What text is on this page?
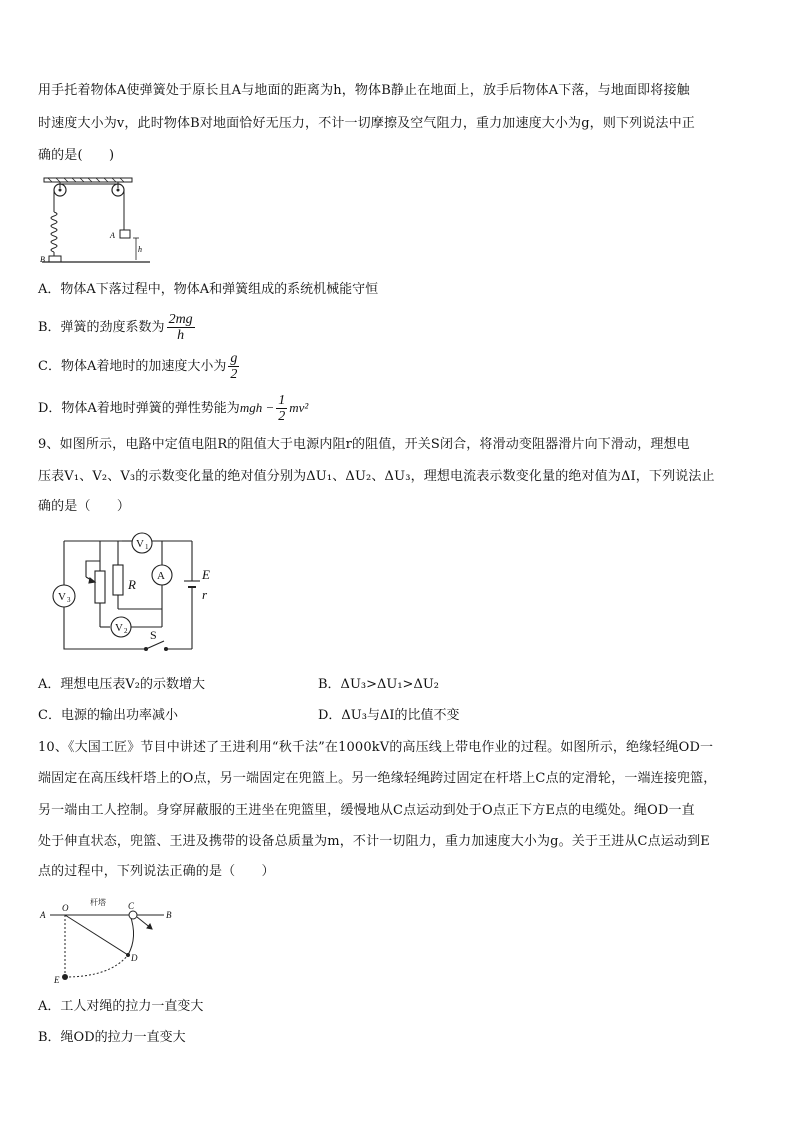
用手托着物体A使弹簧处于原长且A与地面的距离为h，物体B静止在地面上，放手后物体A下落，与地面即将接触
时速度大小为v，此时物体B对地面恰好无压力，不计一切摩擦及空气阻力，重力加速度大小为g，则下列说法中正
确的是(　　)
A
h
B
A．物体A下落过程中，物体A和弹簧组成的系统机械能守恒
B．弹簧的劲度系数为 $\frac{2mg}{h}$
C．物体A着地时的加速度大小为 $\frac{g}{2}$
D．物体A着地时弹簧的弹性势能为mgh − $\frac{1}{2} mv^2$
9、如图所示，电路中定值电阻R的阻值大于电源内阻r的阻值，开关S闭合，将滑动变阻器滑片向下滑动，理想电
压表V₁、V₂、V₃的示数变化量的绝对值分别为ΔU₁、ΔU₂、ΔU₃，理想电流表示数变化量的绝对值为ΔI，下列说法止
确的是（　　）
V 3
V 1
A
V 2
R
E
r
S
A．理想电压表V₂的示数增大	B．ΔU₃>ΔU₁>ΔU₂
C．电源的输出功率减小	D．ΔU₃与ΔI的比值不变
10、《大国工匠》节目中讲述了王进利用“秋千法”在1000kV的高压线上带电作业的过程。如图所示，绝缘轻绳OD一
端固定在高压线杆塔上的O点，另一端固定在兜篮上。另一绝缘轻绳跨过固定在杆塔上C点的定滑轮，一端连接兜篮，
另一端由工人控制。身穿屏蔽服的王进坐在兜篮里，缓慢地从C点运动到处于O点正下方E点的电缆处。绳OD一直
处于伸直状态，兜篮、王进及携带的设备总质量为m，不计一切阻力，重力加速度大小为g。关于王进从C点运动到E
点的过程中，下列说法正确的是（　　）
A
O	C
B
D
E
杆塔
A．工人对绳的拉力一直变大
B．绳OD的拉力一直变大
